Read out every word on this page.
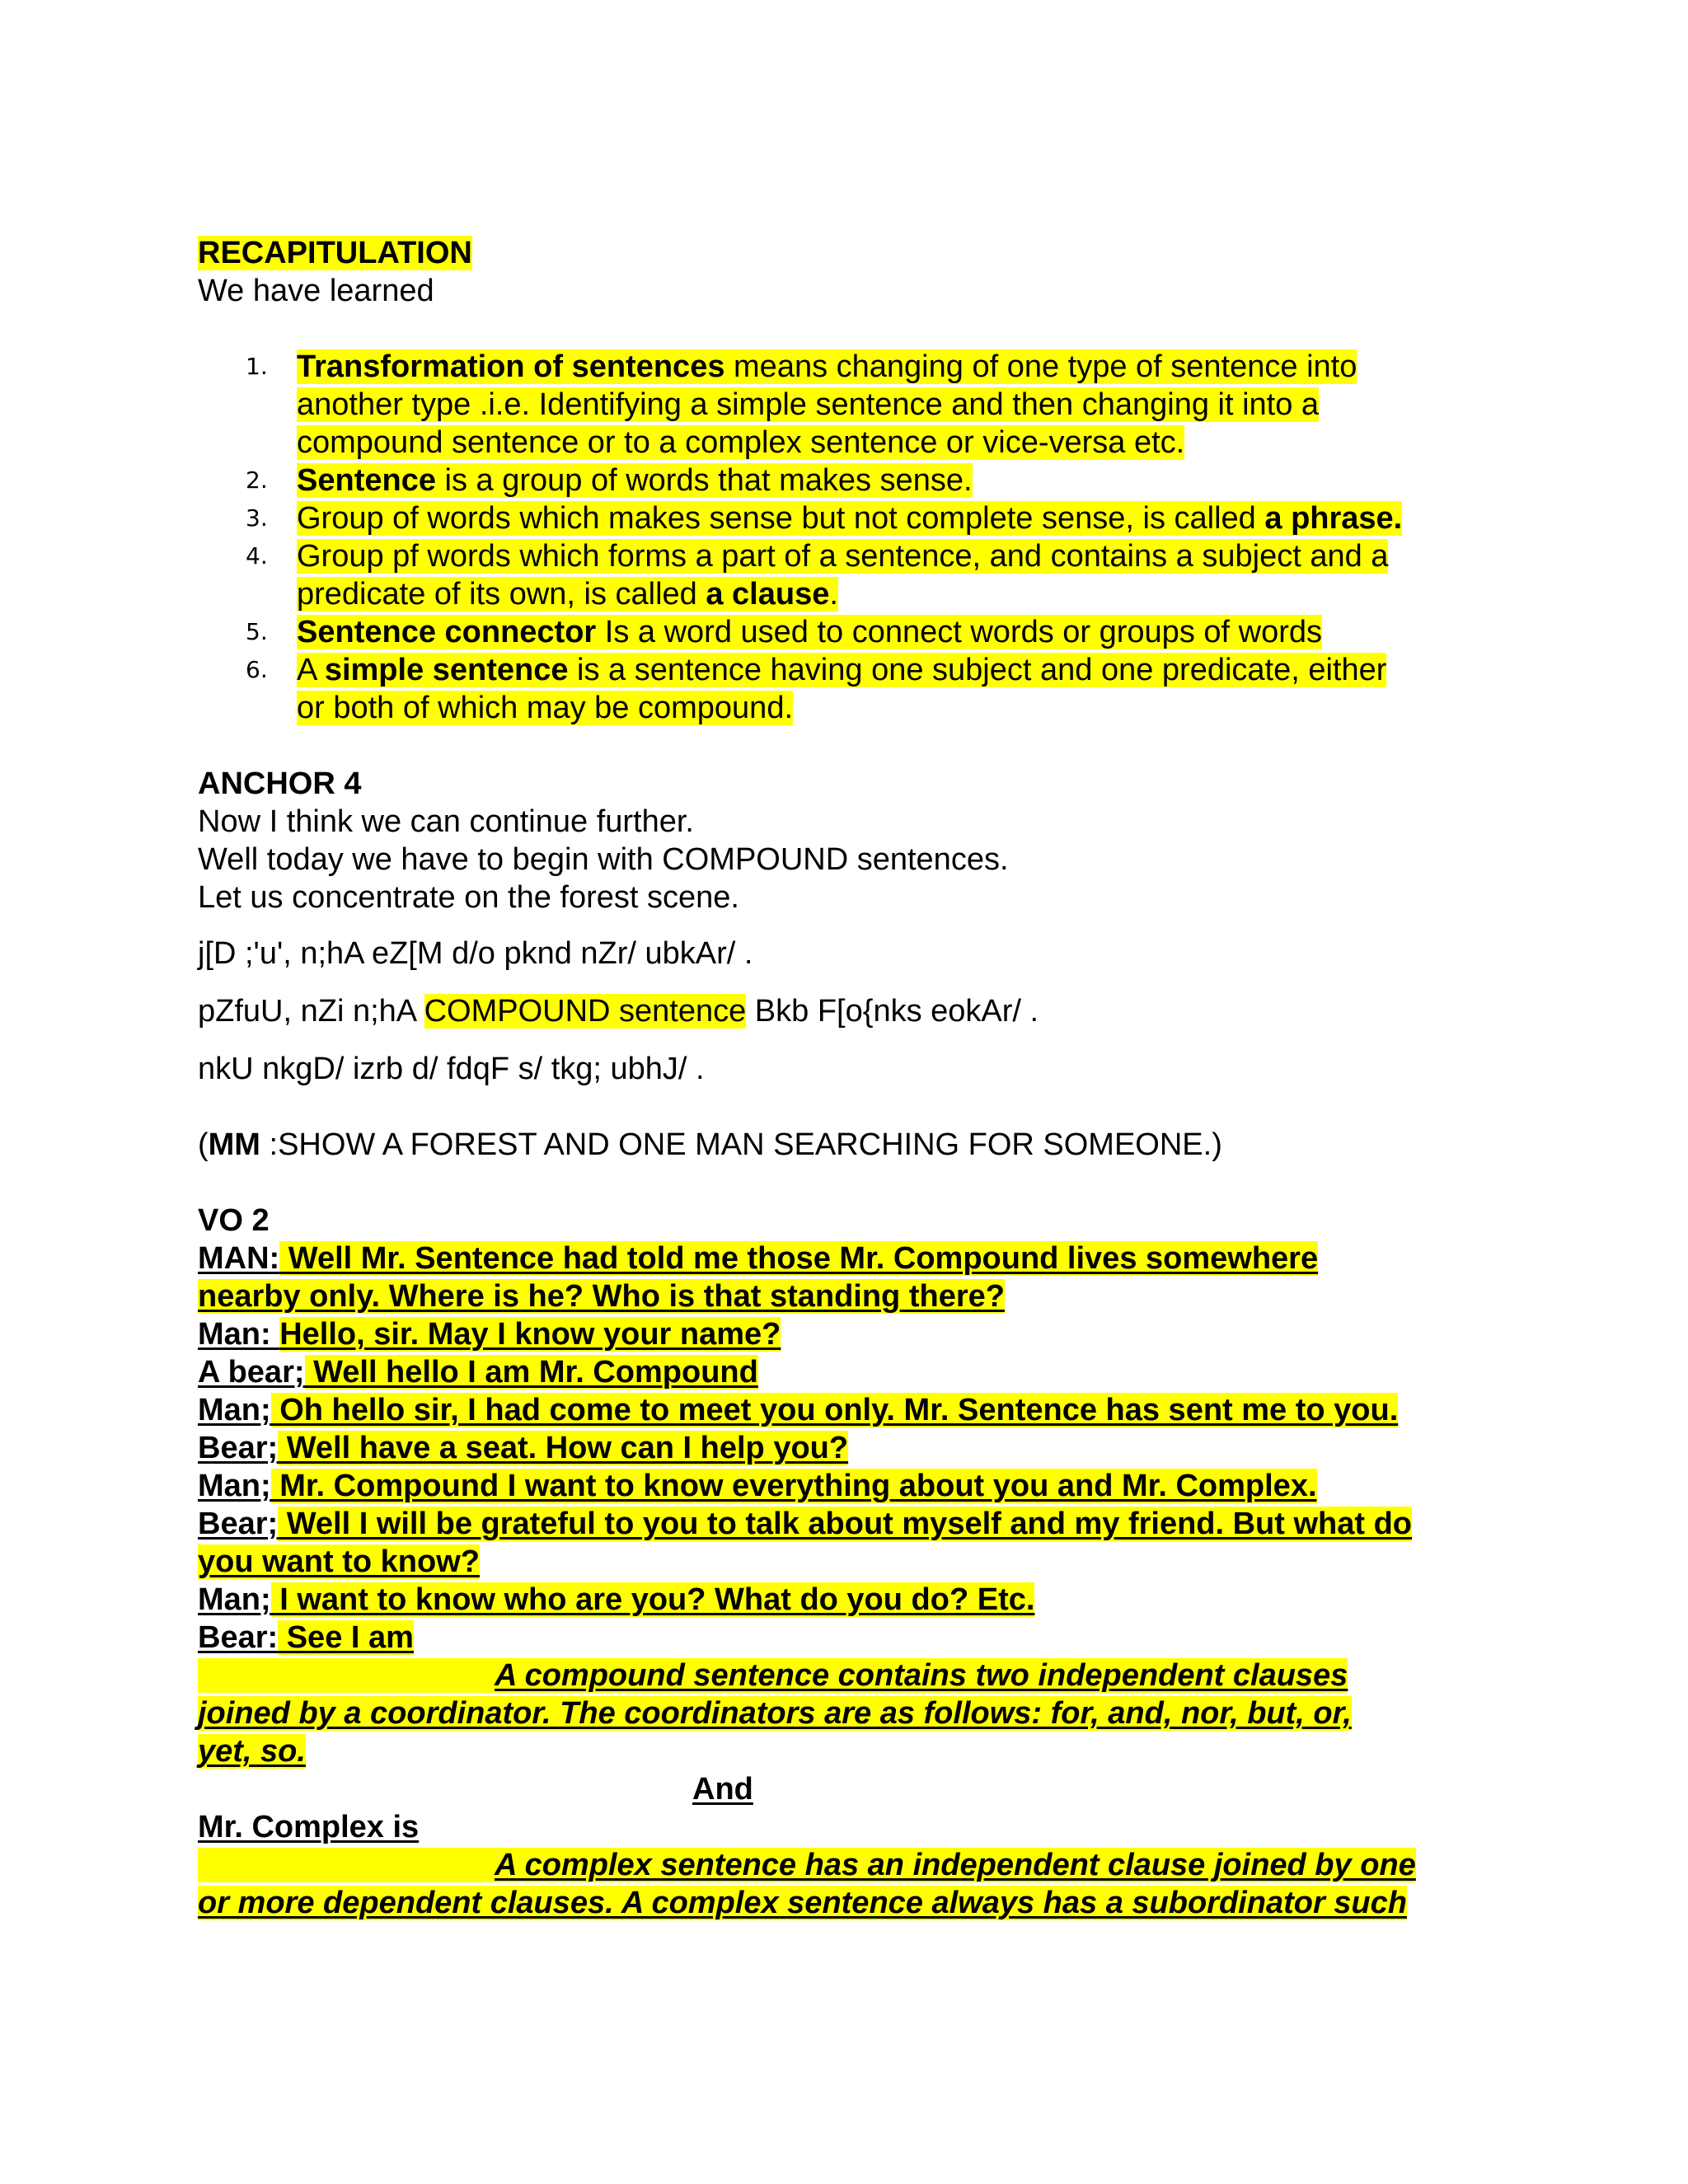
RECAPITULATION
We have learned
1. Transformation of sentences means changing of one type of sentence into
another type .i.e. Identifying a simple sentence and then changing it into a
compound sentence or to a complex sentence or vice-versa etc.
2. Sentence is a group of words that makes sense.
3. Group of words which makes sense but not complete sense, is called a phrase.
4. Group pf words which forms a part of a sentence, and contains a subject and a
predicate of its own, is called a clause.
5. Sentence connector Is a word used to connect words or groups of words
6. A simple sentence is a sentence having one subject and one predicate, either
or both of which may be compound.
ANCHOR 4
Now I think we can continue further.
Well today we have to begin with COMPOUND sentences.
Let us concentrate on the forest scene.
j[D ;'u', n;hA eZ[M d/o pknd nZr/ ubkAr/ .
pZfuU, nZi n;hA COMPOUND sentence Bkb F[o{nks eokAr/ .
nkU nkgD/ izrb d/ fdqF s/ tkg; ubhJ/ .
(MM :SHOW A FOREST AND ONE MAN SEARCHING FOR SOMEONE.)
VO 2
MAN: Well Mr. Sentence had told me those Mr. Compound lives somewhere
nearby only. Where is he? Who is that standing there?
Man: Hello, sir. May I know your name?
A bear; Well hello I am Mr. Compound
Man; Oh hello sir, I had come to meet you only. Mr. Sentence has sent me to you.
Bear; Well have a seat. How can I help you?
Man; Mr. Compound I want to know everything about you and Mr. Complex.
Bear; Well I will be grateful to you to talk about myself and my friend. But what do
you want to know?
Man; I want to know who are you? What do you do? Etc.
Bear: See I am
A compound sentence contains two independent clauses
joined by a coordinator. The coordinators are as follows: for, and, nor, but, or,
yet, so.
And
Mr. Complex is
A complex sentence has an independent clause joined by one
or more dependent clauses. A complex sentence always has a subordinator such
